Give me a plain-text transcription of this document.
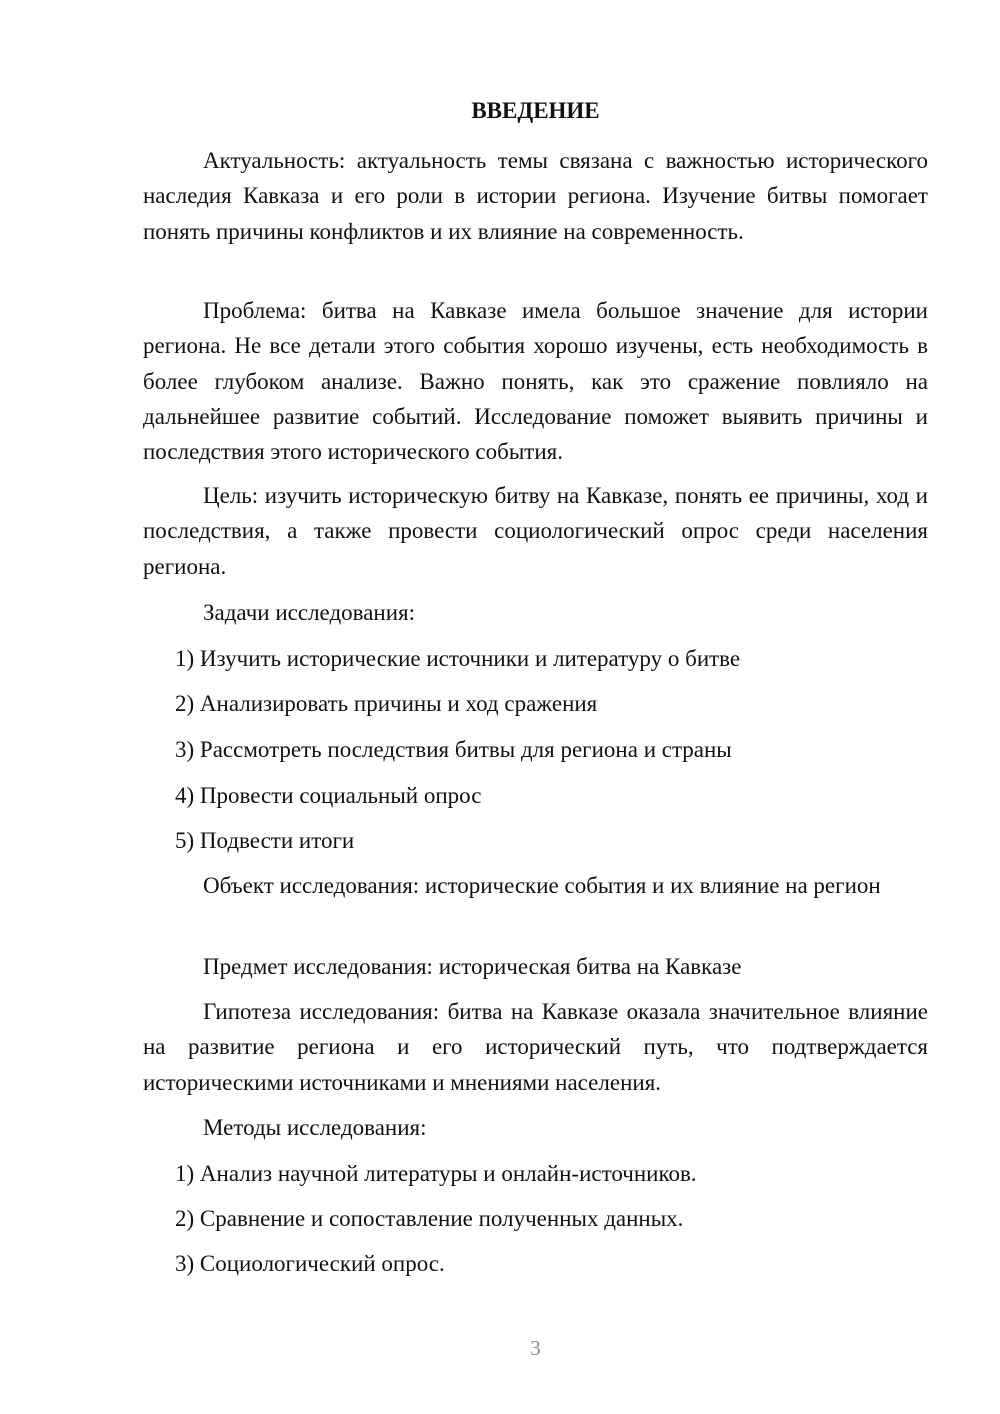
ВВЕДЕНИЕ

Актуальность: актуальность темы связана с важностью исторического наследия Кавказа и его роли в истории региона. Изучение битвы помогает понять причины конфликтов и их влияние на современность.

Проблема: битва на Кавказе имела большое значение для истории региона. Не все детали этого события хорошо изучены, есть необходимость в более глубоком анализе. Важно понять, как это сражение повлияло на дальнейшее развитие событий. Исследование поможет выявить причины и последствия этого исторического события.

Цель: изучить историческую битву на Кавказе, понять ее причины, ход и последствия, а также провести социологический опрос среди населения региона.

Задачи исследования:

1) Изучить исторические источники и литературу о битве

2) Анализировать причины и ход сражения

3) Рассмотреть последствия битвы для региона и страны

4) Провести социальный опрос

5) Подвести итоги

Объект исследования: исторические события и их влияние на регион

Предмет исследования: историческая битва на Кавказе

Гипотеза исследования: битва на Кавказе оказала значительное влияние на развитие региона и его исторический путь, что подтверждается историческими источниками и мнениями населения.

Методы исследования:

1) Анализ научной литературы и онлайн-источников.

2) Сравнение и сопоставление полученных данных.

3) Социологический опрос.

3
